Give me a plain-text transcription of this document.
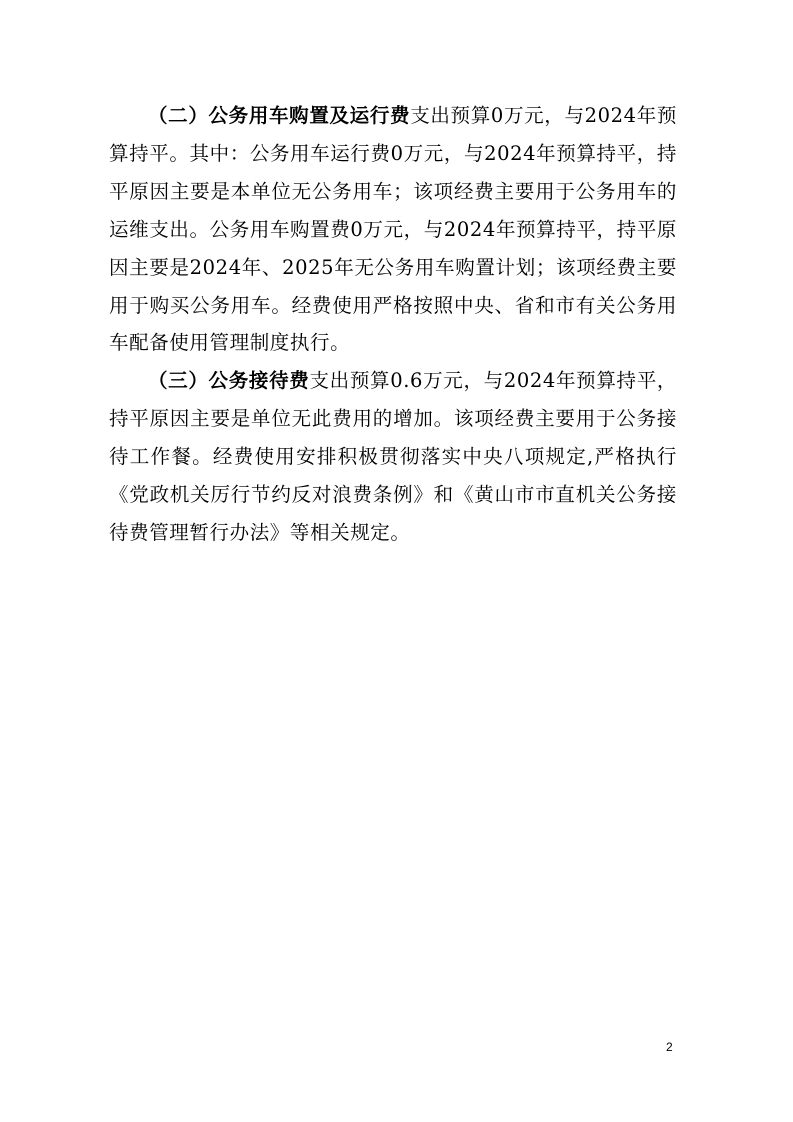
（二）公务用车购置及运行费支出预算0万元，与2024年预算持平。其中：公务用车运行费0万元，与2024年预算持平，持平原因主要是本单位无公务用车；该项经费主要用于公务用车的运维支出。公务用车购置费0万元，与2024年预算持平，持平原因主要是2024年、2025年无公务用车购置计划；该项经费主要用于购买公务用车。经费使用严格按照中央、省和市有关公务用车配备使用管理制度执行。

（三）公务接待费支出预算0.6万元，与2024年预算持平，持平原因主要是单位无此费用的增加。该项经费主要用于公务接待工作餐。经费使用安排积极贯彻落实中央八项规定,严格执行《党政机关厉行节约反对浪费条例》和《黄山市市直机关公务接待费管理暂行办法》等相关规定。

2
